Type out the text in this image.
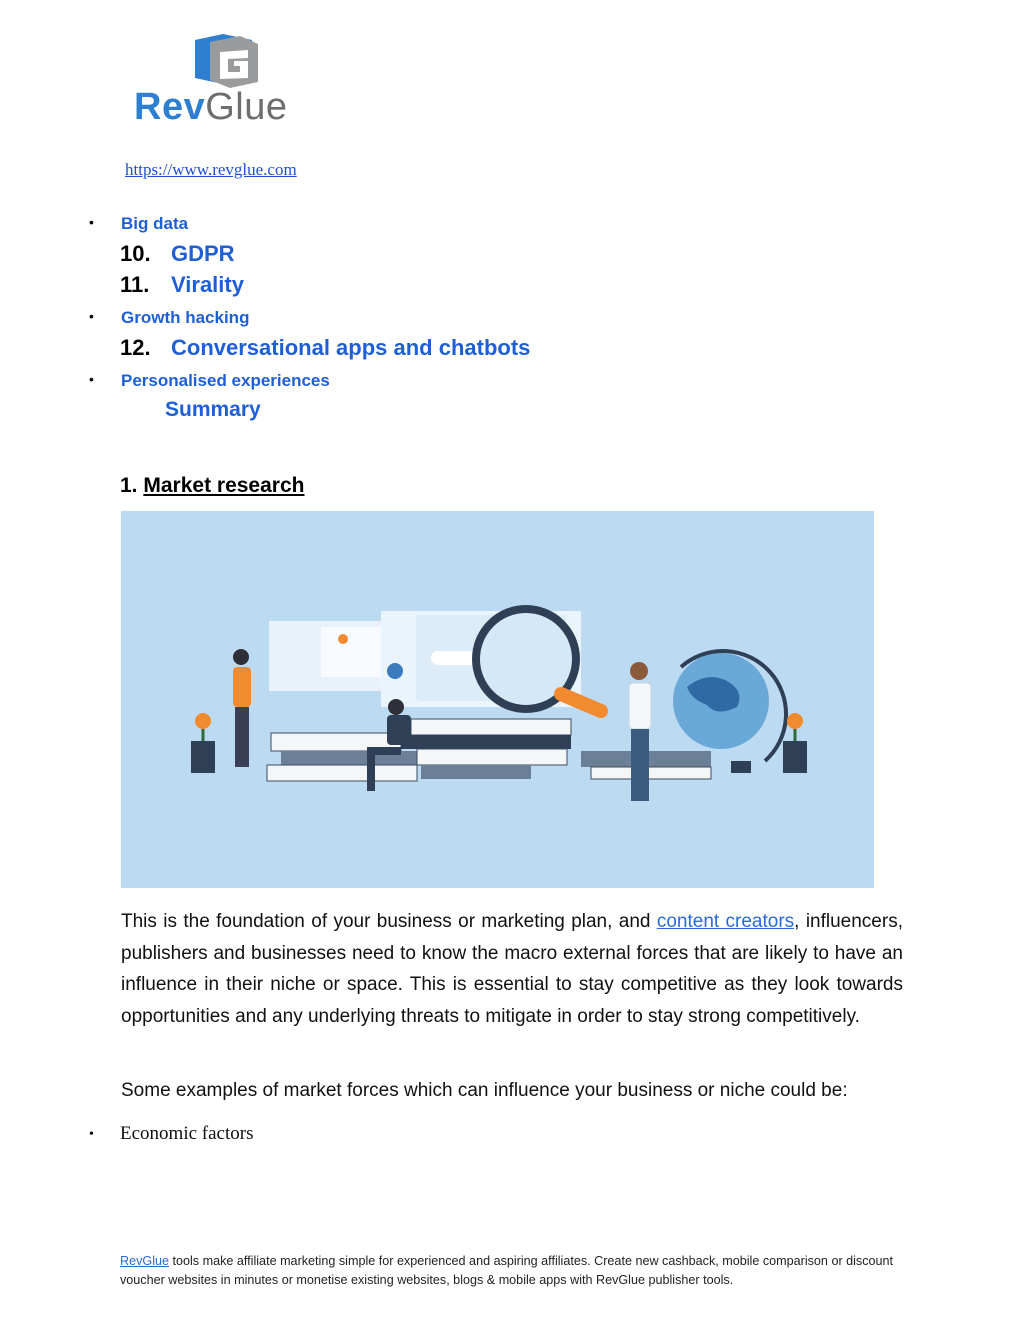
RevGlue
https://www.revglue.com
• Big data
10. GDPR
11. Virality
• Growth hacking
12. Conversational apps and chatbots
• Personalised experiences
Summary
1. Market research
This is the foundation of your business or marketing plan, and content creators, influencers, publishers and businesses need to know the macro external forces that are likely to have an influence in their niche or space. This is essential to stay competitive as they look towards opportunities and any underlying threats to mitigate in order to stay strong competitively.
Some examples of market forces which can influence your business or niche could be:
• Economic factors
RevGlue tools make affiliate marketing simple for experienced and aspiring affiliates. Create new cashback, mobile comparison or discount voucher websites in minutes or monetise existing websites, blogs & mobile apps with RevGlue publisher tools.
